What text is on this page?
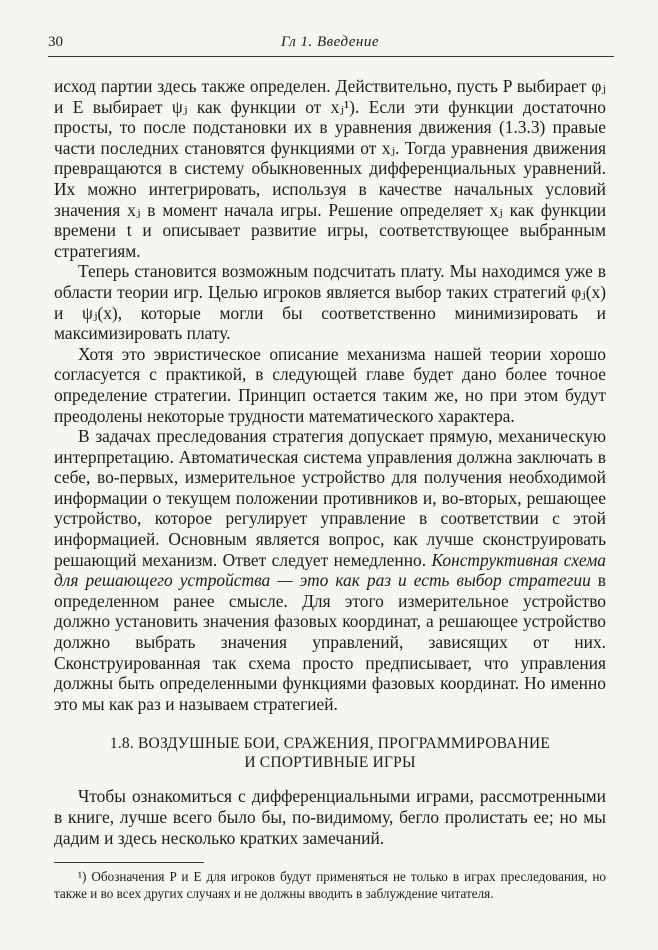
30	Гл 1. Введение

исход партии здесь также определен. Действительно, пусть P выбирает φⱼ и E выбирает ψⱼ как функции от xⱼ¹). Если эти функции достаточно просты, то после подстановки их в уравнения движения (1.3.3) правые части последних становятся функциями от xⱼ. Тогда уравнения движения превращаются в систему обыкновенных дифференциальных уравнений. Их можно интегрировать, используя в качестве начальных условий значения xⱼ в момент начала игры. Решение определяет xⱼ как функции времени t и описывает развитие игры, соответствующее выбранным стратегиям.

Теперь становится возможным подсчитать плату. Мы находимся уже в области теории игр. Целью игроков является выбор таких стратегий φⱼ(x) и ψⱼ(x), которые могли бы соответственно минимизировать и максимизировать плату.

Хотя это эвристическое описание механизма нашей теории хорошо согласуется с практикой, в следующей главе будет дано более точное определение стратегии. Принцип остается таким же, но при этом будут преодолены некоторые трудности математического характера.

В задачах преследования стратегия допускает прямую, механическую интерпретацию. Автоматическая система управления должна заключать в себе, во-первых, измерительное устройство для получения необходимой информации о текущем положении противников и, во-вторых, решающее устройство, которое регулирует управление в соответствии с этой информацией. Основным является вопрос, как лучше сконструировать решающий механизм. Ответ следует немедленно. Конструктивная схема для решающего устройства — это как раз и есть выбор стратегии в определенном ранее смысле. Для этого измерительное устройство должно установить значения фазовых координат, а решающее устройство должно выбрать значения управлений, зависящих от них. Сконструированная так схема просто предписывает, что управления должны быть определенными функциями фазовых координат. Но именно это мы как раз и называем стратегией.

1.8. ВОЗДУШНЫЕ БОИ, СРАЖЕНИЯ, ПРОГРАММИРОВАНИЕ
И СПОРТИВНЫЕ ИГРЫ

Чтобы ознакомиться с дифференциальными играми, рассмотренными в книге, лучше всего было бы, по-видимому, бегло пролистать ее; но мы дадим и здесь несколько кратких замечаний.

¹) Обозначения P и E для игроков будут применяться не только в играх преследования, но также и во всех других случаях и не должны вводить в заблуждение читателя.
